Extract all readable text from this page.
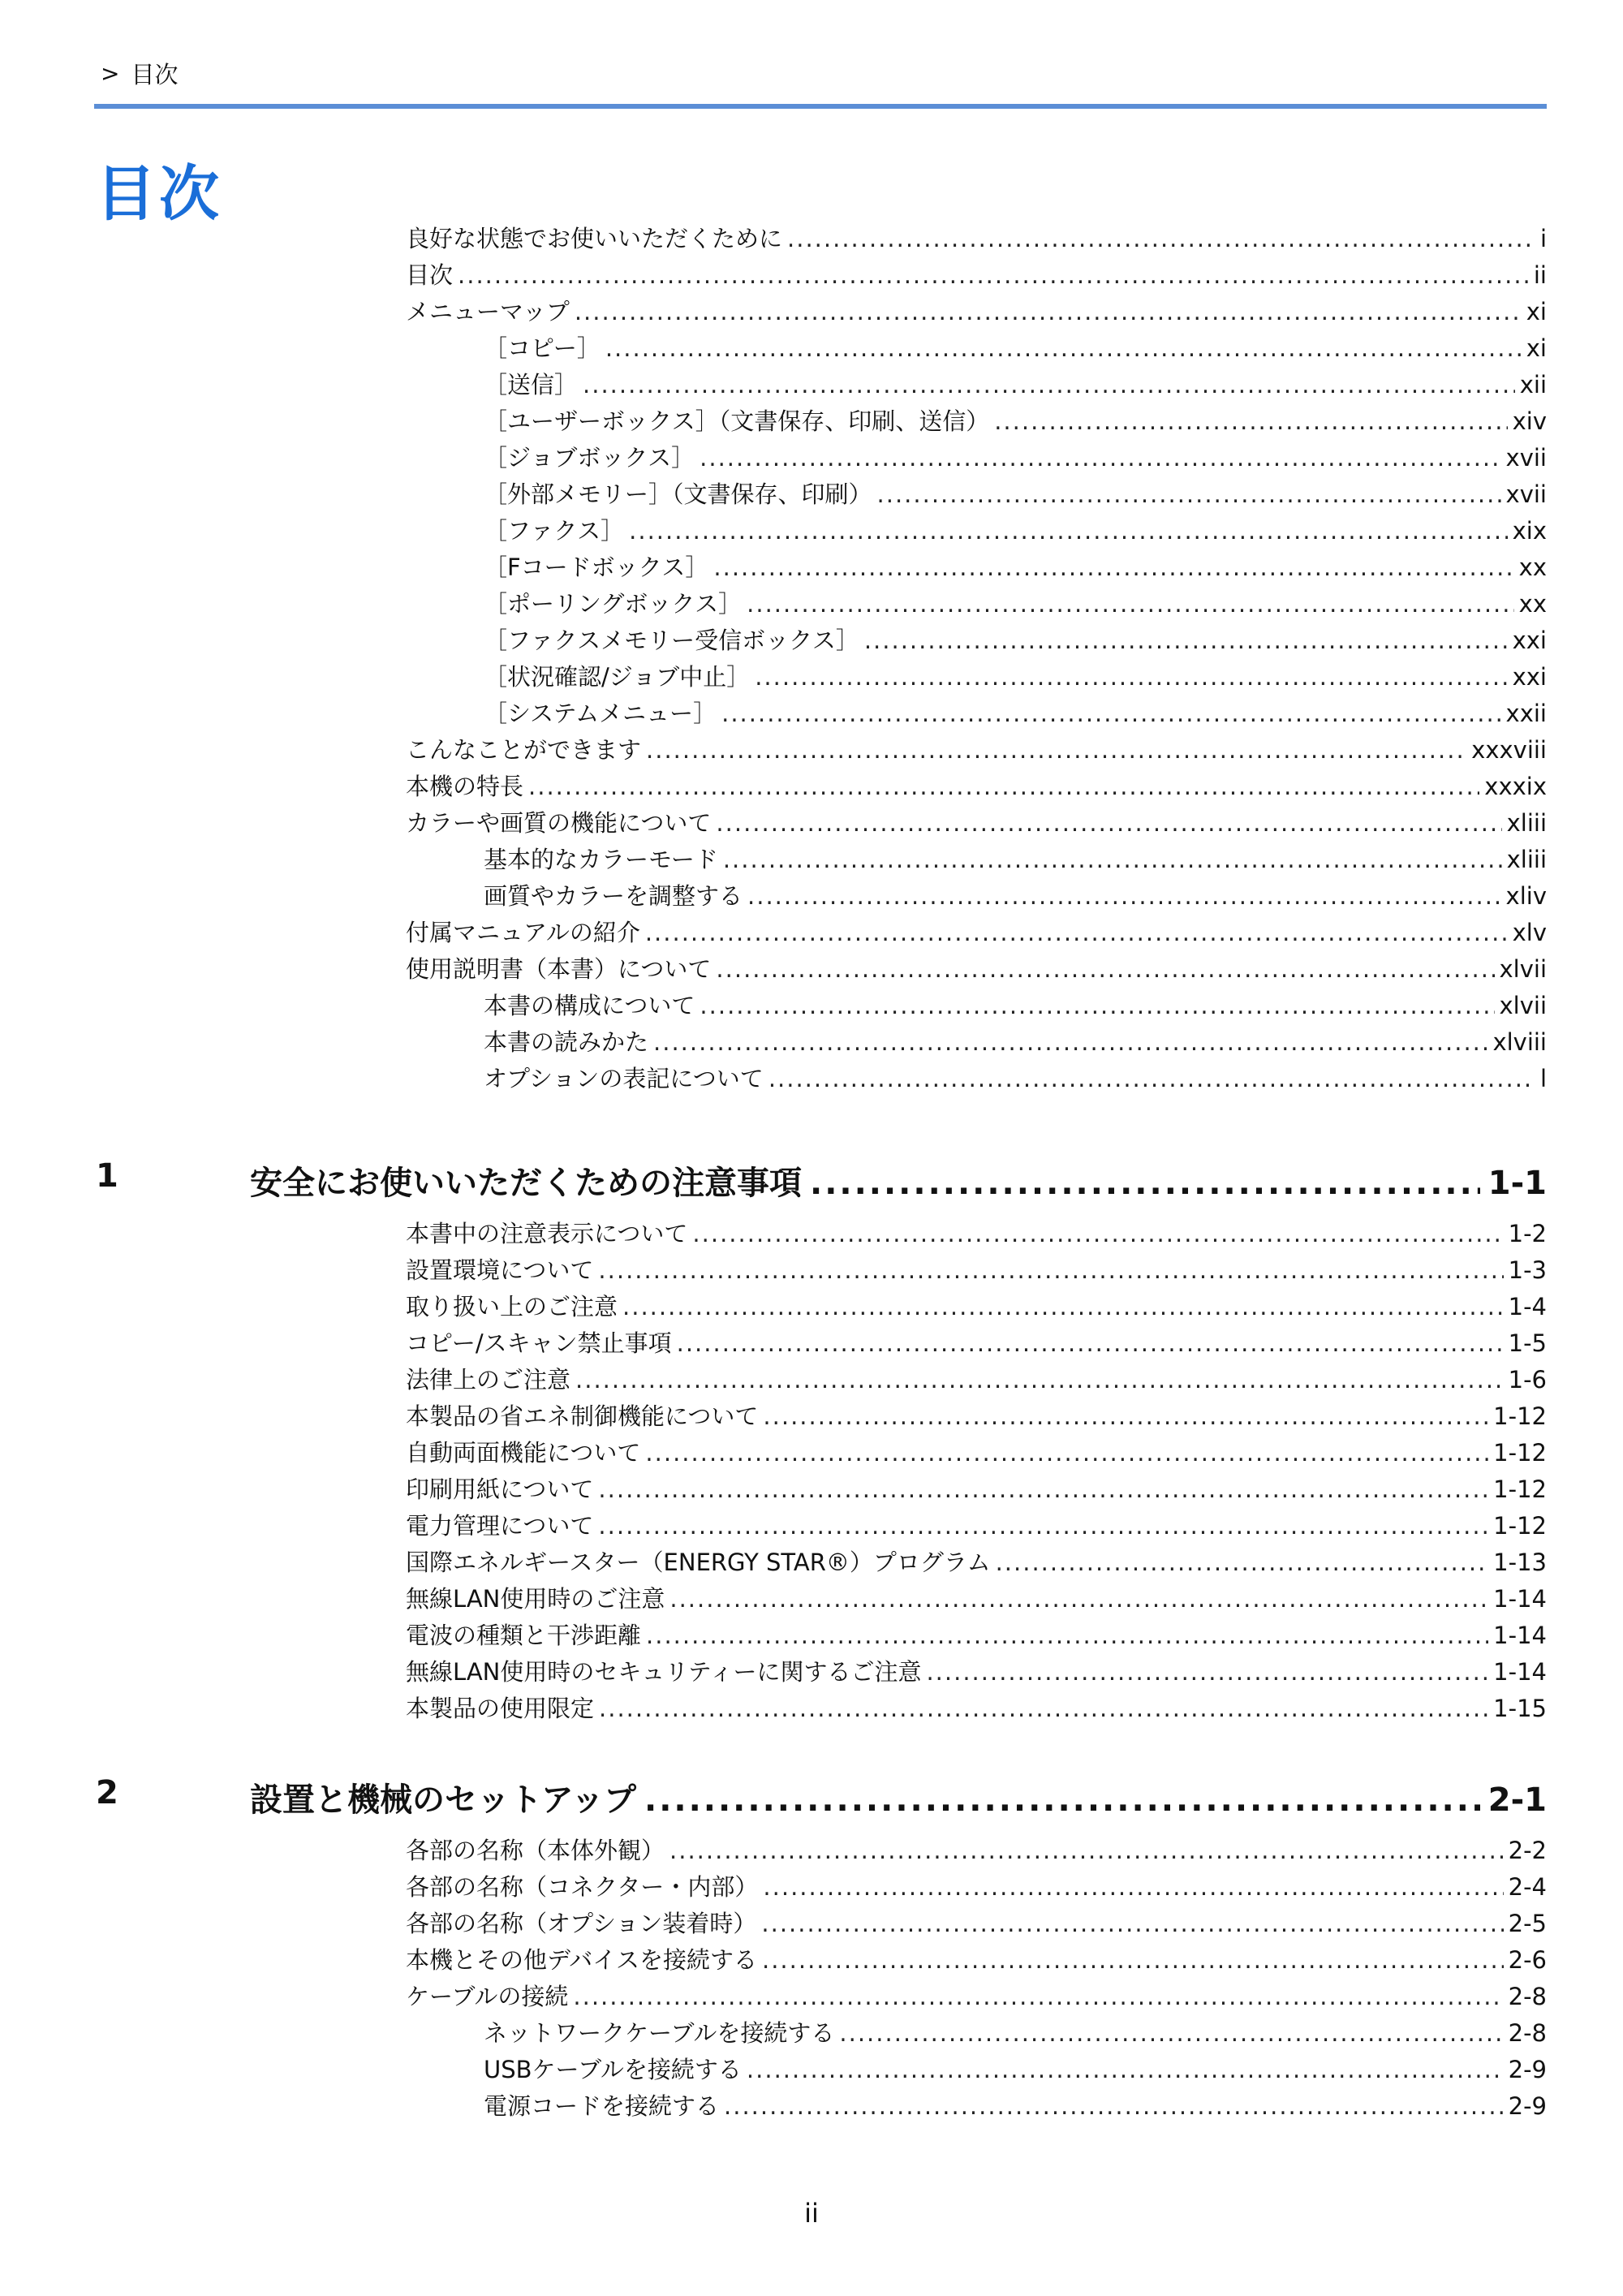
> 目次
目次
良好な状態でお使いいただくために .....	i
目次 .....	ii
メニューマップ .....	xi
［コピー］ .....	xi
［送信］ .....	xii
［ユーザーボックス］（文書保存、印刷、送信） .....	xiv
［ジョブボックス］ .....	xvii
［外部メモリー］（文書保存、印刷） .....	xvii
［ファクス］ .....	xix
［Fコードボックス］ .....	xx
［ポーリングボックス］ .....	xx
［ファクスメモリー受信ボックス］ .....	xxi
［状況確認/ジョブ中止］ .....	xxi
［システムメニュー］ .....	xxii
こんなことができます .....	xxxviii
本機の特長 .....	xxxix
カラーや画質の機能について .....	xliii
基本的なカラーモード .....	xliii
画質やカラーを調整する .....	xliv
付属マニュアルの紹介 .....	xlv
使用説明書（本書）について .....	xlvii
本書の構成について .....	xlvii
本書の読みかた .....	xlviii
オプションの表記について .....	l
1	安全にお使いいただくための注意事項 .....	1-1
本書中の注意表示について .....	1-2
設置環境について .....	1-3
取り扱い上のご注意 .....	1-4
コピー/スキャン禁止事項 .....	1-5
法律上のご注意 .....	1-6
本製品の省エネ制御機能について .....	1-12
自動両面機能について .....	1-12
印刷用紙について .....	1-12
電力管理について .....	1-12
国際エネルギースター（ENERGY STAR®）プログラム .....	1-13
無線LAN使用時のご注意 .....	1-14
電波の種類と干渉距離 .....	1-14
無線LAN使用時のセキュリティーに関するご注意 .....	1-14
本製品の使用限定 .....	1-15
2	設置と機械のセットアップ .....	2-1
各部の名称（本体外観） .....	2-2
各部の名称（コネクター・内部） .....	2-4
各部の名称（オプション装着時） .....	2-5
本機とその他デバイスを接続する .....	2-6
ケーブルの接続 .....	2-8
ネットワークケーブルを接続する .....	2-8
USBケーブルを接続する .....	2-9
電源コードを接続する .....	2-9
ii
